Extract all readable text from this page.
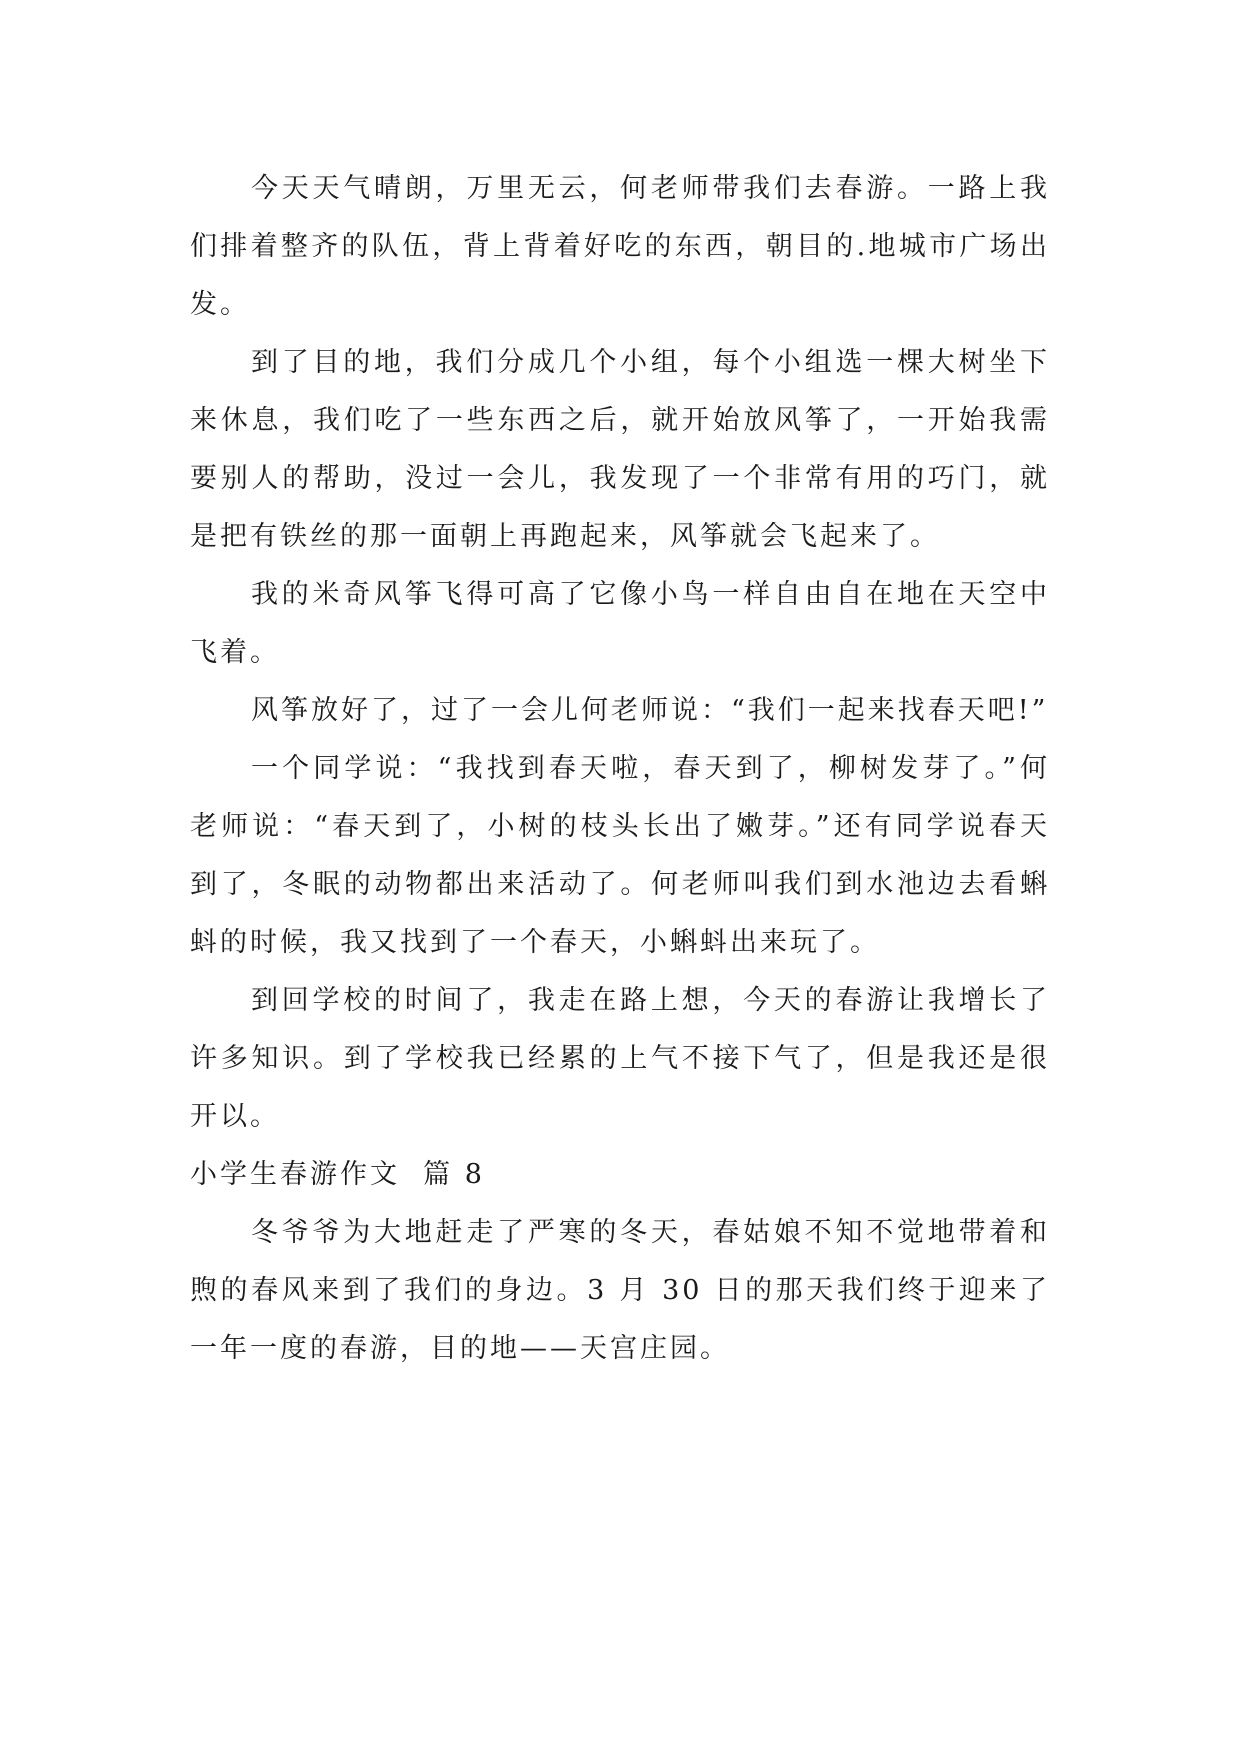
今天天气晴朗，万里无云，何老师带我们去春游。一路上我们排着整齐的队伍，背上背着好吃的东西，朝目的.地城市广场出发。

到了目的地，我们分成几个小组，每个小组选一棵大树坐下来休息，我们吃了一些东西之后，就开始放风筝了，一开始我需要别人的帮助，没过一会儿，我发现了一个非常有用的巧门，就是把有铁丝的那一面朝上再跑起来，风筝就会飞起来了。

我的米奇风筝飞得可高了它像小鸟一样自由自在地在天空中飞着。

风筝放好了，过了一会儿何老师说：“我们一起来找春天吧!”

一个同学说：“我找到春天啦，春天到了，柳树发芽了。”何老师说：“春天到了，小树的枝头长出了嫩芽。”还有同学说春天到了，冬眠的动物都出来活动了。何老师叫我们到水池边去看蝌蚪的时候，我又找到了一个春天，小蝌蚪出来玩了。

到回学校的时间了，我走在路上想，今天的春游让我增长了许多知识。到了学校我已经累的上气不接下气了，但是我还是很开以。

小学生春游作文  篇 8

冬爷爷为大地赶走了严寒的冬天，春姑娘不知不觉地带着和煦的春风来到了我们的身边。3 月 30 日的那天我们终于迎来了一年一度的春游，目的地——天宫庄园。
